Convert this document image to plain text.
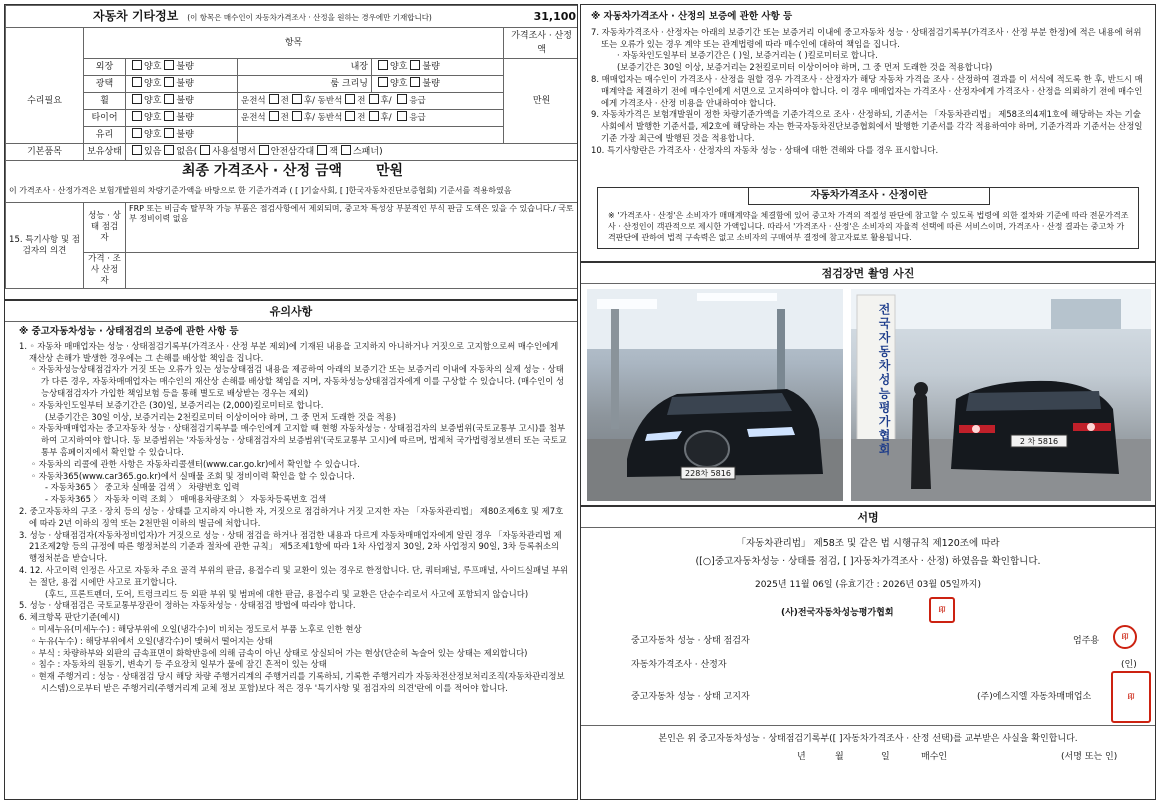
자동차 기타정보 (이 항목은 매수인이 자동차가격조사 · 산정을 원하는 경우에만 기재합니다)					31,100
	항목				가격조사 · 산정액
수리필요	외장	양호 불량	내장	양호 불량	만원
	광택	양호 불량	룸 크리닝	양호 불량	
	휠	양호 불량	운전석 전 후/ 동반석 전 후/ 응급		
	타이어	양호 불량	운전석 전 후/ 동반석 전 후/ 응급		
	유리	양호 불량			
기본품목	보유상태	있음 없음( 사용설명서 안전삼각대 잭 스패너)			

최종 가격조사 · 산정 금액 만원
이 가격조사 · 산정가격은 보험개발원의 차량기준가액을 바탕으로 한 기준가격과 ( [ ]기술사회, [ ]한국자동차진단보증협회) 기준서를 적용하였음					

15. 특기사항 및 점검자의 의견	성능 · 상태 점검자	FRP 또는 비금속 탈부착 가능 부품은 점검사항에서 제외되며, 중고차 특성상 부분적인 부식 판금 도색은 있을 수 있습니다./ 국토부 정비이력 없음			
	가격 · 조사 산정자				
유의사항

※ 중고자동차성능 · 상태점검의 보증에 관한 사항 등

1. ◦ 자동차 매매업자는 성능 · 상태점검기록부(가격조사 · 산정 부분 제외)에 기재된 내용을 고지하지 아니하거나 거짓으로 고지함으로써 매수인에게 재산상 손해가 발생한 경우에는 그 손해를 배상할 책임을 집니다.

◦ 자동차성능상태점검자가 거짓 또는 오류가 있는 성능상태점검 내용을 제공하여 아래의 보증기간 또는 보증거리 이내에 자동차의 실제 성능 · 상태가 다른 경우, 자동차매매업자는 매수인의 재산상 손해를 배상할 책임을 지며, 자동차성능상태점검자에게 이를 구상할 수 있습니다. (매수인이 성능상태점검자가 가입한 책임보험 등을 통해 별도로 배상받는 경우는 제외)

◦ 자동차인도일부터 보증기간은 (30)일, 보증거리는 (2,000)킬로미터로 합니다.

(보증기간은 30일 이상, 보증거리는 2천킬로미터 이상이어야 하며, 그 중 먼저 도래한 것을 적용)

◦ 자동차매매업자는 중고자동차 성능 · 상태점검기록부를 매수인에게 고지할 때 현행 자동차성능 · 상태점검자의 보증범위(국토교통부 고시)를 첨부하여 고지하여야 합니다. 동 보증범위는 '자동차성능 · 상태점검자의 보증범위'(국토교통부 고시)에 따르며, 법제처 국가법령정보센터 또는 국토교통부 홈페이지에서 확인할 수 있습니다.

◦ 자동차의 리콜에 관한 사항은 자동차리콜센터(www.car.go.kr)에서 확인할 수 있습니다.

◦ 자동차365(www.car365.go.kr)에서 실매물 조회 및 정비이력 확인을 할 수 있습니다.

- 자동차365 〉 중고차 실매물 검색 〉 차량번호 입력

- 자동차365 〉 자동차 이력 조회 〉 매매용차량조회 〉 자동차등록번호 검색

2. 중고자동차의 구조 · 장치 등의 성능 · 상태를 고지하지 아니한 자, 거짓으로 점검하거나 거짓 고지한 자는 「자동차관리법」 제80조제6호 및 제7호에 따라 2년 이하의 징역 또는 2천만원 이하의 벌금에 처합니다.

3. 성능 · 상태점검자(자동차정비업자)가 거짓으로 성능 · 상태 점검을 하거나 점검한 내용과 다르게 자동차매매업자에게 알린 경우 「자동차관리법 제21조제2항 등의 규정에 따른 행정처분의 기준과 절차에 관한 규칙」 제5조제1항에 따라 1차 사업정지 30일, 2차 사업정지 90일, 3차 등록취소의 행정처분을 받습니다.

4. 12. 사고이력 인정은 사고로 자동차 주요 골격 부위의 판금, 용접수리 및 교환이 있는 경우로 한정합니다. 단, 쿼터패널, 루프패널, 사이드실패널 부위는 절단, 용접 시에만 사고로 표기합니다.

(후드, 프론트펜더, 도어, 트렁크리드 등 외판 부위 및 범퍼에 대한 판금, 용접수리 및 교환은 단순수리로서 사고에 포함되지 않습니다)

5. 성능 · 상태점검은 국토교통부장관이 정하는 자동차성능 · 상태점검 방법에 따라야 합니다.

6. 체크항목 판단기준(예시)

◦ 미세누유(미세누수) : 해당부위에 오일(냉각수)이 비치는 정도로서 부품 노후로 인한 현상

◦ 누유(누수) : 해당부위에서 오일(냉각수)이 맺혀서 떨어지는 상태

◦ 부식 : 차량하부와 외판의 금속표면이 화학반응에 의해 금속이 아닌 상태로 상실되어 가는 현상(단순히 녹슬어 있는 상태는 제외합니다)

◦ 침수 : 자동차의 원동기, 변속기 등 주요장치 일부가 물에 잠긴 흔적이 있는 상태

◦ 현재 주행거리 : 성능 · 상태점검 당시 해당 차량 주행거리계의 주행거리를 기록하되, 기록한 주행거리가 자동차전산정보처리조직(자동차관리정보시스템)으로부터 받은 주행거리(주행거리계 교체 정보 포함)보다 적은 경우 '특기사항 및 점검자의 의견'란에 이를 적어야 합니다.

※ 자동차가격조사 · 산정의 보증에 관한 사항 등

7. 자동차가격조사 · 산정자는 아래의 보증기간 또는 보증거리 이내에 중고자동차 성능 · 상태점검기록부(가격조사 · 산정 부분 한정)에 적은 내용에 허위 또는 오류가 있는 경우 계약 또는 관계법령에 따라 매수인에 대하여 책임을 집니다.

· 자동차인도일부터 보증기간은 ( )일, 보증거리는 ( )킬로미터로 합니다.

(보증기간은 30일 이상, 보증거리는 2천킬로미터 이상이어야 하며, 그 중 먼저 도래한 것을 적용합니다)

8. 매매업자는 매수인이 가격조사 · 산정을 원할 경우 가격조사 · 산정자가 해당 자동차 가격을 조사 · 산정하여 결과를 이 서식에 적도록 한 후, 반드시 매매계약을 체결하기 전에 매수인에게 서면으로 고지하여야 합니다. 이 경우 매매업자는 가격조사 · 산정자에게 가격조사 · 산정을 의뢰하기 전에 매수인에게 가격조사 · 산정 비용을 안내하여야 합니다.

9. 자동차가격은 보험개발원이 정한 차량기준가액을 기준가격으로 조사 · 산정하되, 기준서는 「자동차관리법」 제58조의4제1호에 해당하는 자는 기술사회에서 발행한 기준서를, 제2호에 해당하는 자는 한국자동차진단보증협회에서 발행한 기준서를 각각 적용하여야 하며, 기준가격과 기준서는 산정일 기준 가장 최근에 발행된 것을 적용합니다.

10. 특기사항란은 가격조사 · 산정자의 자동차 성능 · 상태에 대한 견해와 다를 경우 표시합니다.

자동차가격조사 · 산정이란
※ '가격조사 · 산정'은 소비자가 매매계약을 체결함에 있어 중고차 가격의 적절성 판단에 참고할 수 있도록 법령에 의한 절차와 기준에 따라 전문가격조사 · 산정인이 객관적으로 제시한 가액입니다. 따라서 '가격조사 · 산정'은 소비자의 자율적 선택에 따른 서비스이며, 가격조사 · 산정 결과는 중고차 가격판단에 관하여 법적 구속력은 없고 소비자의 구매여부 결정에 참고자료로 활용됩니다.
점검장면 촬영 사진
228차 5816
2 차 5816
전국자동차성능평가협회
서명
「자동차관리법」 제58조 및 같은 법 시행규칙 제120조에 따라
([○]중고자동차성능 · 상태를 점검, [ ]자동차가격조사 · 산정) 하였음을 확인합니다.
2025년 11월 06일 (유효기간 : 2026년 03월 05일까지)
(사)전국자동차성능평가협회	印
중고자동차 성능 · 상태 점검자	엄주용	印
자동차가격조사 · 산정자	(인)
중고자동차 성능 · 상태 고지자	(주)에스지엘 자동차매매업소	印
본인은 위 중고자동차성능 · 상태점검기록부([ ]자동차가격조사 · 산정 선택)를 교부받은 사실을 확인합니다.
년	월	일	매수인	(서명 또는 인)
